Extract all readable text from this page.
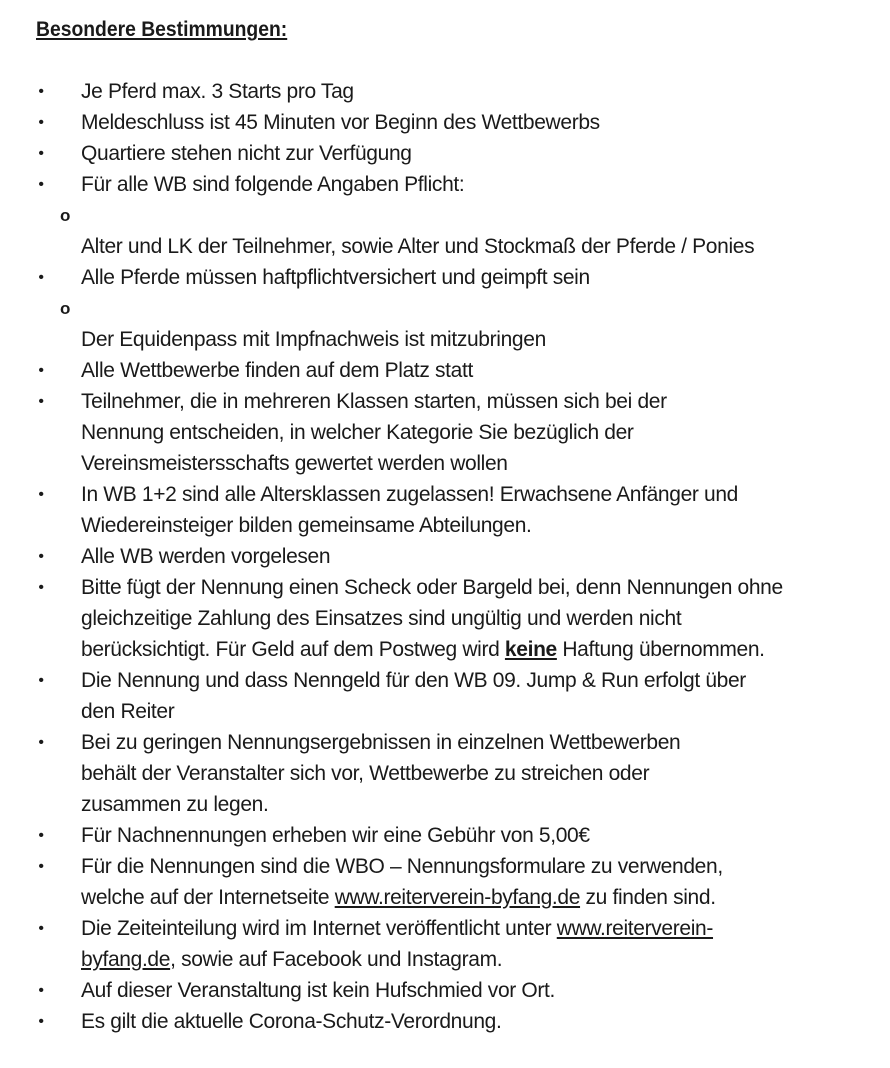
Besondere Bestimmungen:
• Je Pferd max. 3 Starts pro Tag
• Meldeschluss ist 45 Minuten vor Beginn des Wettbewerbs
• Quartiere stehen nicht zur Verfügung
• Für alle WB sind folgende Angaben Pflicht:
o
Alter und LK der Teilnehmer, sowie Alter und Stockmaß der Pferde / Ponies
• Alle Pferde müssen haftpflichtversichert und geimpft sein
o
Der Equidenpass mit Impfnachweis ist mitzubringen
• Alle Wettbewerbe finden auf dem Platz statt
• Teilnehmer, die in mehreren Klassen starten, müssen sich bei der
Nennung entscheiden, in welcher Kategorie Sie bezüglich der
Vereinsmeistersschafts gewertet werden wollen
• In WB 1+2 sind alle Altersklassen zugelassen! Erwachsene Anfänger und
Wiedereinsteiger bilden gemeinsame Abteilungen.
• Alle WB werden vorgelesen
• Bitte fügt der Nennung einen Scheck oder Bargeld bei, denn Nennungen ohne
gleichzeitige Zahlung des Einsatzes sind ungültig und werden nicht
berücksichtigt. Für Geld auf dem Postweg wird keine Haftung übernommen.
• Die Nennung und dass Nenngeld für den WB 09. Jump & Run erfolgt über
den Reiter
• Bei zu geringen Nennungsergebnissen in einzelnen Wettbewerben
behält der Veranstalter sich vor, Wettbewerbe zu streichen oder
zusammen zu legen.
• Für Nachnennungen erheben wir eine Gebühr von 5,00€
• Für die Nennungen sind die WBO – Nennungsformulare zu verwenden,
welche auf der Internetseite www.reiterverein-byfang.de zu finden sind.
• Die Zeiteinteilung wird im Internet veröffentlicht unter www.reiterverein-
byfang.de, sowie auf Facebook und Instagram.
• Auf dieser Veranstaltung ist kein Hufschmied vor Ort.
• Es gilt die aktuelle Corona-Schutz-Verordnung.
